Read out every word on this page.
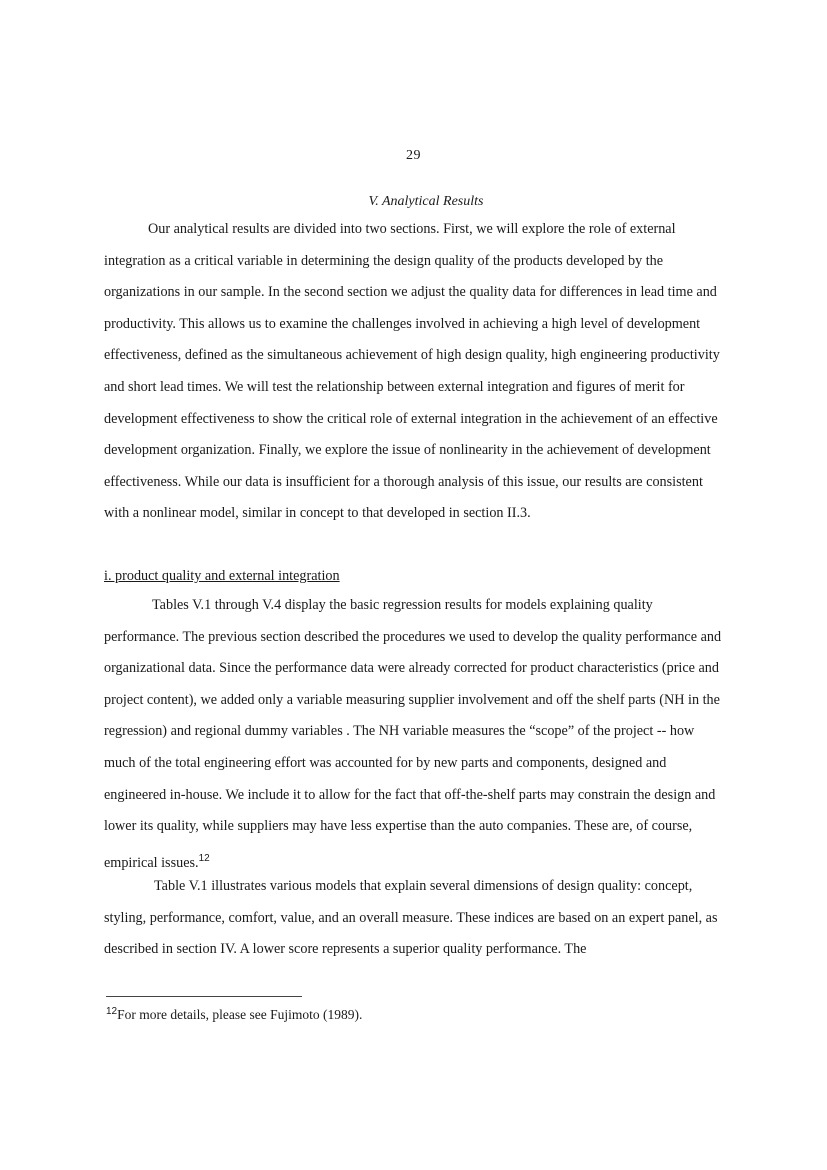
29
V. Analytical Results

Our analytical results are divided into two sections. First, we will explore the role of external integration as a critical variable in determining the design quality of the products developed by the organizations in our sample. In the second section we adjust the quality data for differences in lead time and productivity. This allows us to examine the challenges involved in achieving a high level of development effectiveness, defined as the simultaneous achievement of high design quality, high engineering productivity and short lead times. We will test the relationship between external integration and figures of merit for development effectiveness to show the critical role of external integration in the achievement of an effective development organization. Finally, we explore the issue of nonlinearity in the achievement of development effectiveness. While our data is insufficient for a thorough analysis of this issue, our results are consistent with a nonlinear model, similar in concept to that developed in section II.3.

i. product quality and external integration

Tables V.1 through V.4 display the basic regression results for models explaining quality performance. The previous section described the procedures we used to develop the quality performance and organizational data. Since the performance data were already corrected for product characteristics (price and project content), we added only a variable measuring supplier involvement and off the shelf parts (NH in the regression) and regional dummy variables . The NH variable measures the “scope” of the project -- how much of the total engineering effort was accounted for by new parts and components, designed and engineered in-house. We include it to allow for the fact that off-the-shelf parts may constrain the design and lower its quality, while suppliers may have less expertise than the auto companies. These are, of course, empirical issues.$^{12}$

Table V.1 illustrates various models that explain several dimensions of design quality: concept, styling, performance, comfort, value, and an overall measure. These indices are based on an expert panel, as described in section IV. A lower score represents a superior quality performance. The

$^{12}$For more details, please see Fujimoto (1989).
